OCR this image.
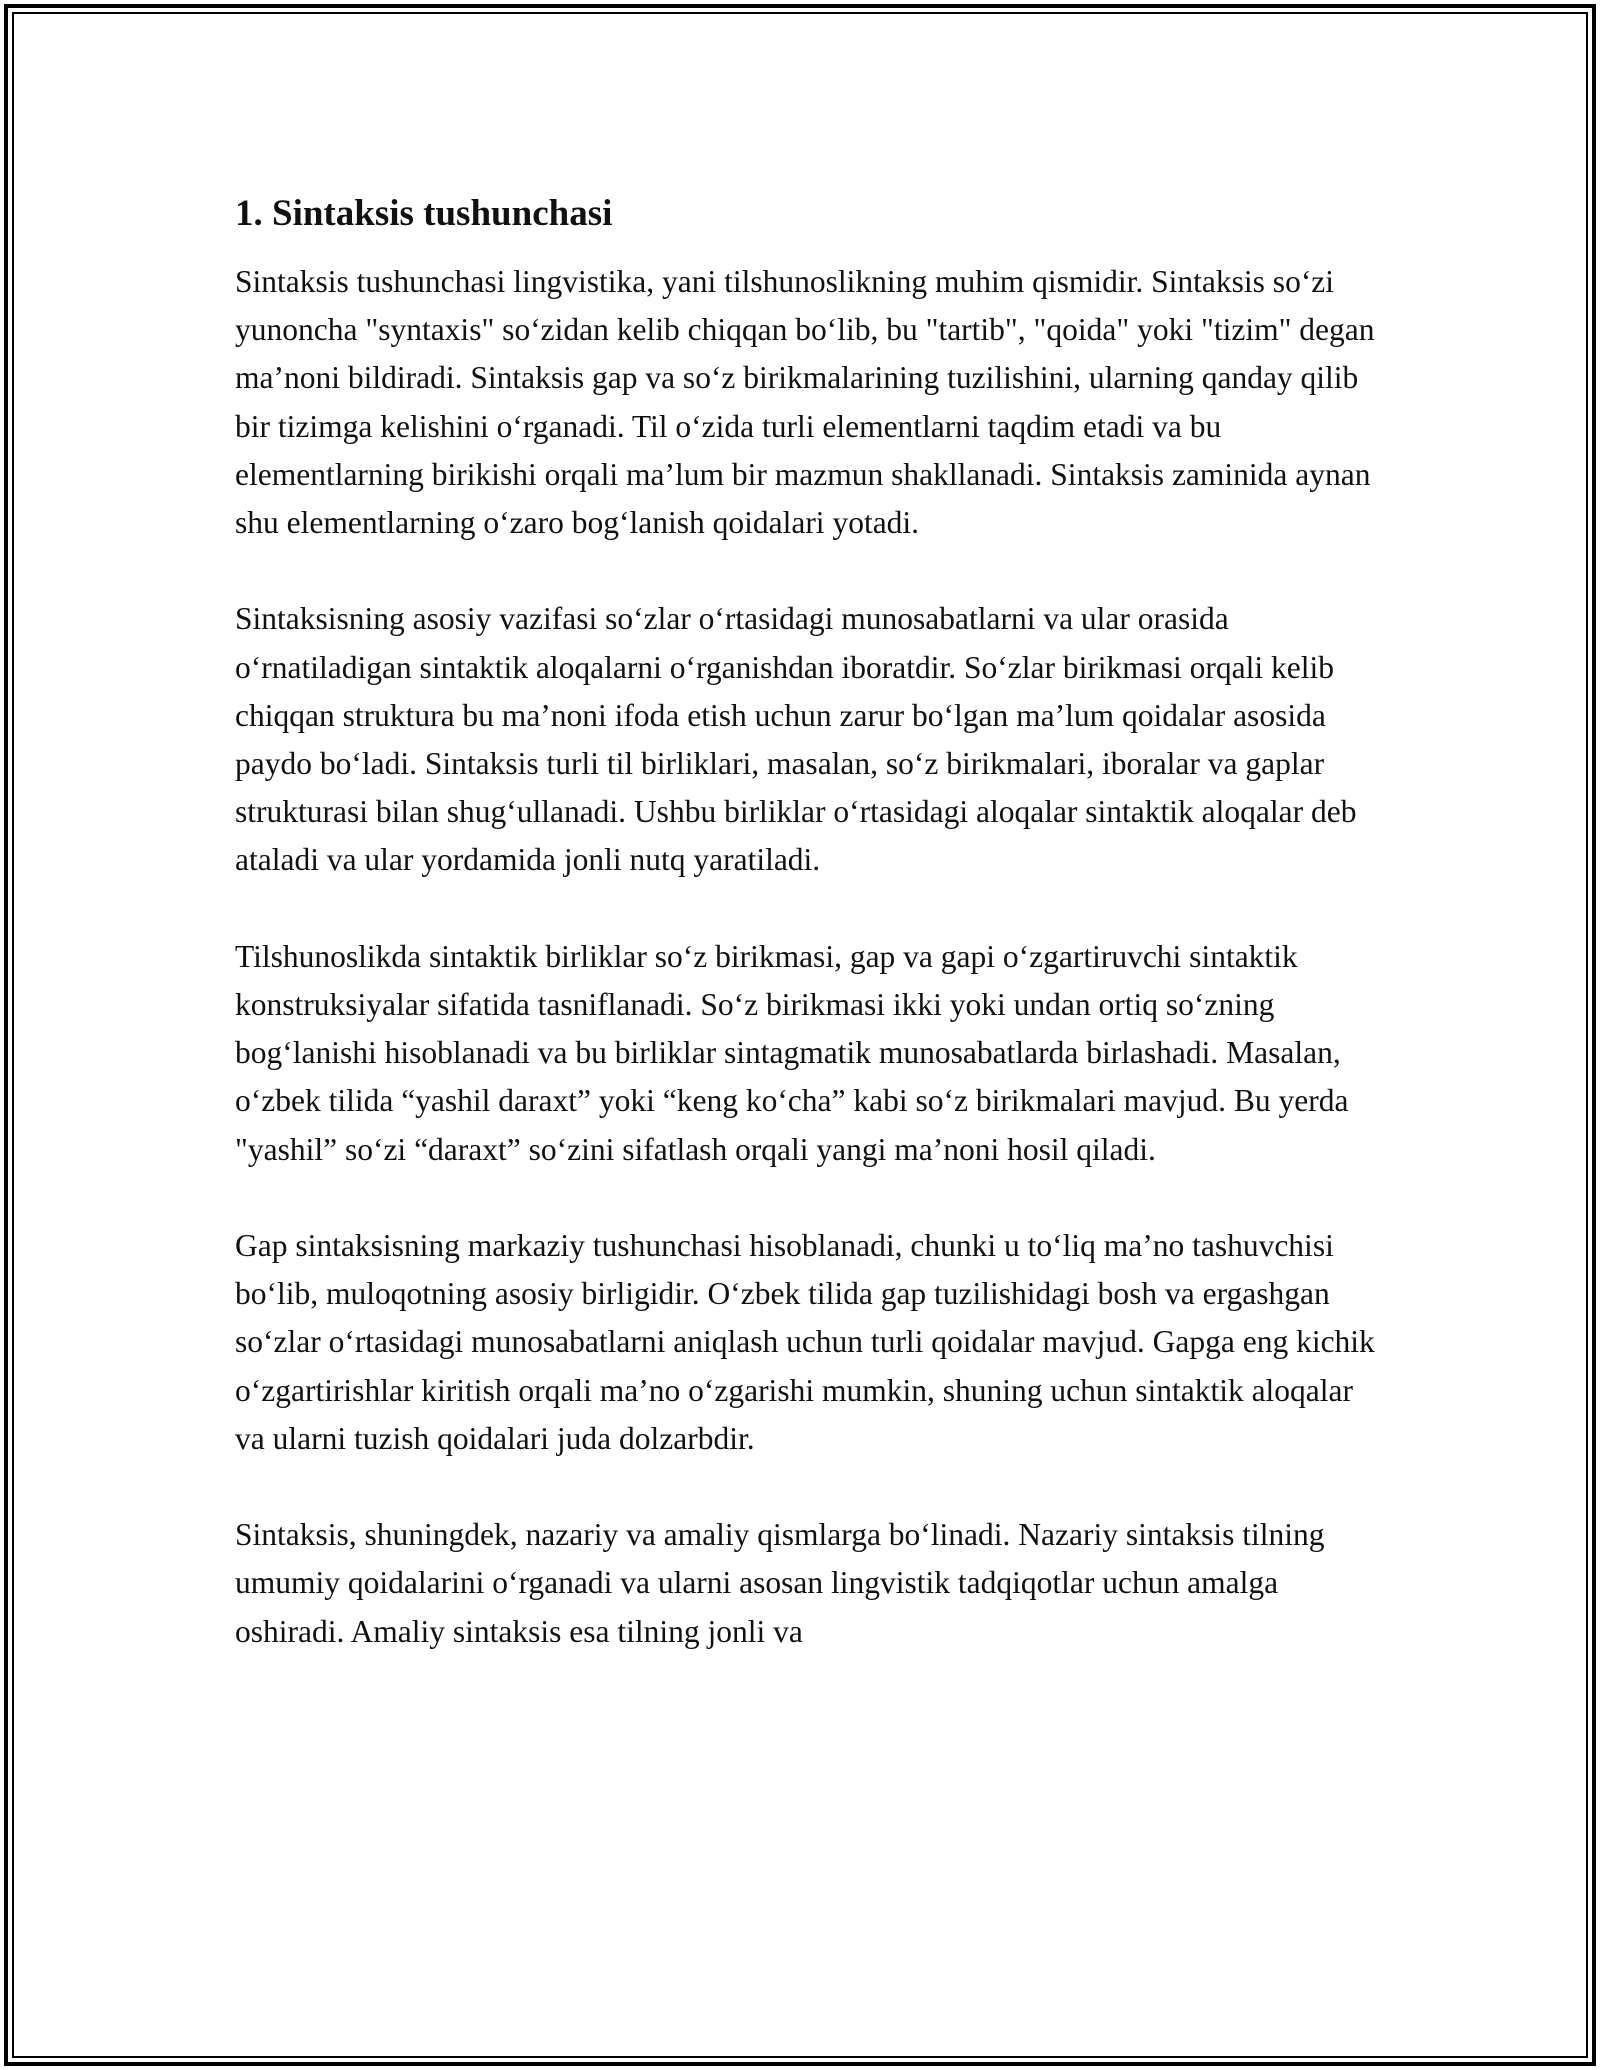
1. Sintaksis tushunchasi

Sintaksis tushunchasi lingvistika, yani tilshunoslikning muhim qismidir. Sintaksis so‘zi yunoncha "syntaxis" so‘zidan kelib chiqqan bo‘lib, bu "tartib", "qoida" yoki "tizim" degan ma’noni bildiradi. Sintaksis gap va so‘z birikmalarining tuzilishini, ularning qanday qilib bir tizimga kelishini o‘rganadi. Til o‘zida turli elementlarni taqdim etadi va bu elementlarning birikishi orqali ma’lum bir mazmun shakllanadi. Sintaksis zaminida aynan shu elementlarning o‘zaro bog‘lanish qoidalari yotadi.

Sintaksisning asosiy vazifasi so‘zlar o‘rtasidagi munosabatlarni va ular orasida o‘rnatiladigan sintaktik aloqalarni o‘rganishdan iboratdir. So‘zlar birikmasi orqali kelib chiqqan struktura bu ma’noni ifoda etish uchun zarur bo‘lgan ma’lum qoidalar asosida paydo bo‘ladi. Sintaksis turli til birliklari, masalan, so‘z birikmalari, iboralar va gaplar strukturasi bilan shug‘ullanadi. Ushbu birliklar o‘rtasidagi aloqalar sintaktik aloqalar deb ataladi va ular yordamida jonli nutq yaratiladi.

Tilshunoslikda sintaktik birliklar so‘z birikmasi, gap va gapi o‘zgartiruvchi sintaktik konstruksiyalar sifatida tasniflanadi. So‘z birikmasi ikki yoki undan ortiq so‘zning bog‘lanishi hisoblanadi va bu birliklar sintagmatik munosabatlarda birlashadi. Masalan, o‘zbek tilida “yashil daraxt” yoki “keng ko‘cha” kabi so‘z birikmalari mavjud. Bu yerda "yashil” so‘zi “daraxt” so‘zini sifatlash orqali yangi ma’noni hosil qiladi.

Gap sintaksisning markaziy tushunchasi hisoblanadi, chunki u to‘liq ma’no tashuvchisi bo‘lib, muloqotning asosiy birligidir. O‘zbek tilida gap tuzilishidagi bosh va ergashgan so‘zlar o‘rtasidagi munosabatlarni aniqlash uchun turli qoidalar mavjud. Gapga eng kichik o‘zgartirishlar kiritish orqali ma’no o‘zgarishi mumkin, shuning uchun sintaktik aloqalar va ularni tuzish qoidalari juda dolzarbdir.

Sintaksis, shuningdek, nazariy va amaliy qismlarga bo‘linadi. Nazariy sintaksis tilning umumiy qoidalarini o‘rganadi va ularni asosan lingvistik tadqiqotlar uchun amalga oshiradi. Amaliy sintaksis esa tilning jonli va
